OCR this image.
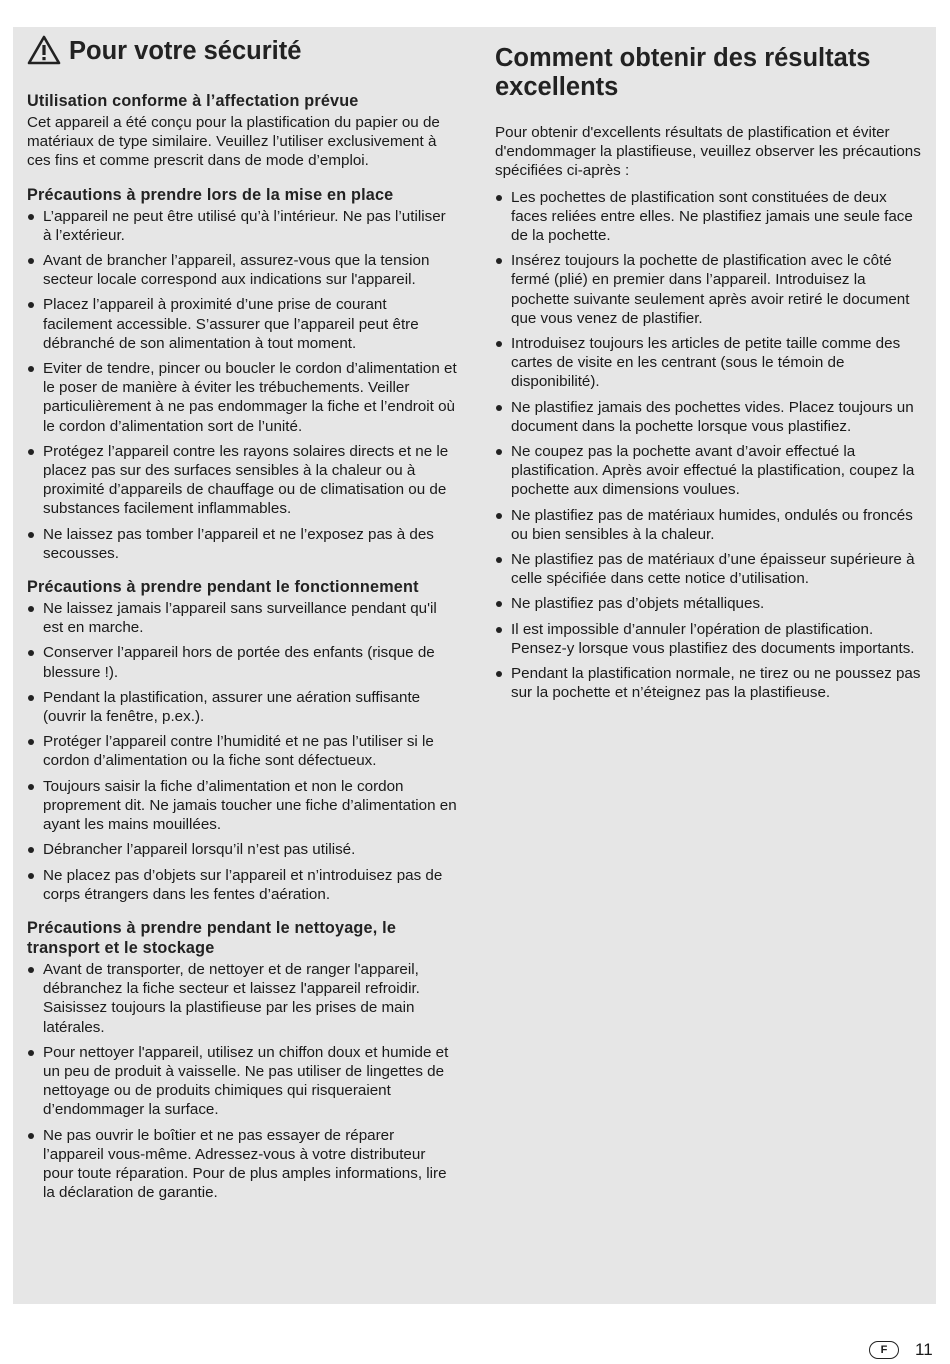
Pour votre sécurité
Utilisation conforme à l’affectation prévue

Cet appareil a été conçu pour la plastification du papier ou de matériaux de type similaire. Veuillez l’utiliser exclusivement à ces fins et comme prescrit dans de mode d’emploi.

Précautions à prendre lors de la mise en place
L’appareil ne peut être utilisé qu’à l’intérieur. Ne pas l’utiliser à l’extérieur.
Avant de brancher l’appareil, assurez-vous que la tension secteur locale correspond aux indications sur l'appareil.
Placez l’appareil à proximité d’une prise de courant facilement accessible. S’assurer que l’appareil peut être débranché de son alimentation à tout moment.
Eviter de tendre, pincer ou boucler le cordon d’alimentation et le poser de manière à éviter les trébuchements. Veiller particulièrement à ne pas endommager la fiche et l’endroit où le cordon d’alimentation sort de l’unité.
Protégez l’appareil contre les rayons solaires directs et ne le placez pas sur des surfaces sensibles à la chaleur ou à proximité d’appareils de chauffage ou de climatisation ou de substances facilement inflammables.
Ne laissez pas tomber l’appareil et ne l’exposez pas à des secousses.
Précautions à prendre pendant le fonctionnement
Ne laissez jamais l’appareil sans surveillance pendant qu'il est en marche.
Conserver l’appareil hors de portée des enfants (risque de blessure !).
Pendant la plastification, assurer une aération suffisante (ouvrir la fenêtre, p.ex.).
Protéger l’appareil contre l’humidité et ne pas l’utiliser si le cordon d’alimentation ou la fiche sont défectueux.
Toujours saisir la fiche d’alimentation et non le cordon proprement dit. Ne jamais toucher une fiche d’alimentation en ayant les mains mouillées.
Débrancher l’appareil lorsqu’il n’est pas utilisé.
Ne placez pas d’objets sur l’appareil et n’introduisez pas de corps étrangers dans les fentes d’aération.
Précautions à prendre pendant le nettoyage, le transport et le stockage
Avant de transporter, de nettoyer et de ranger l'appareil, débranchez la fiche secteur et laissez l'appareil refroidir. Saisissez toujours la plastifieuse par les prises de main latérales.
Pour nettoyer l'appareil, utilisez un chiffon doux et humide et un peu de produit à vaisselle. Ne pas utiliser de lingettes de nettoyage ou de produits chimiques qui risqueraient d’endommager la surface.
Ne pas ouvrir le boîtier et ne pas essayer de réparer l’appareil vous-même. Adressez-vous à votre distributeur pour toute réparation. Pour de plus amples informations, lire la déclaration de garantie.
Comment obtenir des résultats excellents

Pour obtenir d'excellents résultats de plastification et éviter d'endommager la plastifieuse, veuillez observer les précautions spécifiées ci-après :

Les pochettes de plastification sont constituées de deux faces reliées entre elles. Ne plastifiez jamais une seule face de la pochette.
Insérez toujours la pochette de plastification avec le côté fermé (plié) en premier dans l’appareil. Introduisez la pochette suivante seulement après avoir retiré le document que vous venez de plastifier.
Introduisez toujours les articles de petite taille comme des cartes de visite en les centrant (sous le témoin de disponibilité).
Ne plastifiez jamais des pochettes vides. Placez toujours un document dans la pochette lorsque vous plastifiez.
Ne coupez pas la pochette avant d’avoir effectué la plastification. Après avoir effectué la plastification, coupez la pochette aux dimensions voulues.
Ne plastifiez pas de matériaux humides, ondulés ou froncés ou bien sensibles à la chaleur.
Ne plastifiez pas de matériaux d’une épaisseur supérieure à celle spécifiée dans cette notice d’utilisation.
Ne plastifiez pas d’objets métalliques.
Il est impossible d’annuler l’opération de plastification. Pensez-y lorsque vous plastifiez des documents importants.
Pendant la plastification normale, ne tirez ou ne poussez pas sur la pochette et n’éteignez pas la plastifieuse.
F	11
